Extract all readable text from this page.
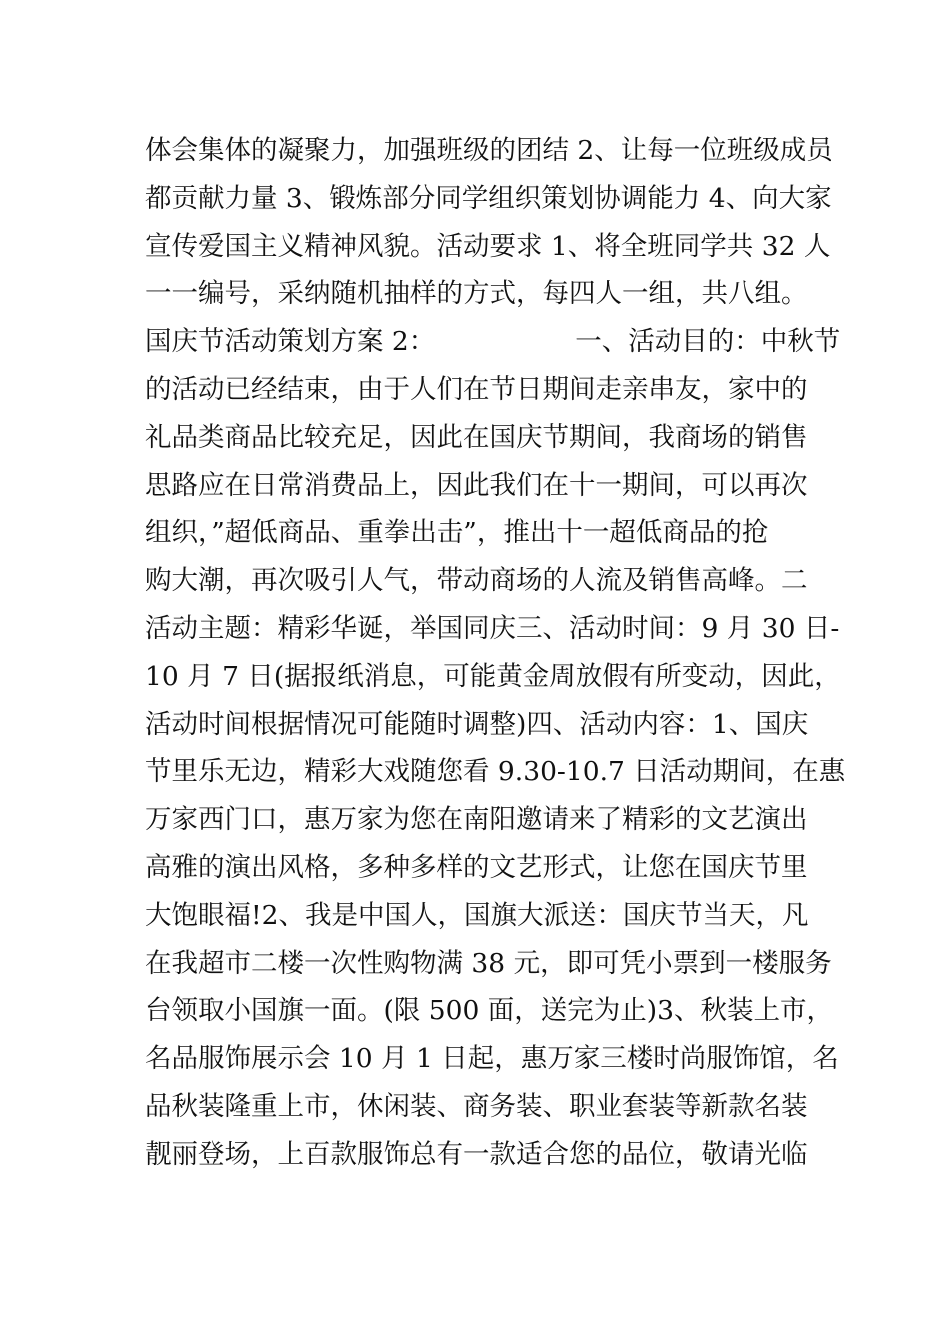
体会集体的凝聚力，加强班级的团结 2、让每一位班级成员
都贡献力量 3、锻炼部分同学组织策划协调能力 4、向大家
宣传爱国主义精神风貌。活动要求 1、将全班同学共 32 人
一一编号，采纳随机抽样的方式，每四人一组，共八组。
国庆节活动策划方案 2：	一、活动目的：中秋节
的活动已经结束，由于人们在节日期间走亲串友，家中的
礼品类商品比较充足，因此在国庆节期间，我商场的销售
思路应在日常消费品上，因此我们在十一期间，可以再次
组织，”超低商品、重拳出击”，推出十一超低商品的抢
购大潮，再次吸引人气，带动商场的人流及销售高峰。二
活动主题：精彩华诞，举国同庆三、活动时间：9 月 30 日-
10 月 7 日(据报纸消息，可能黄金周放假有所变动，因此，
活动时间根据情况可能随时调整)四、活动内容：1、国庆
节里乐无边，精彩大戏随您看 9.30-10.7 日活动期间，在惠
万家西门口，惠万家为您在南阳邀请来了精彩的文艺演出
高雅的演出风格，多种多样的文艺形式，让您在国庆节里
大饱眼福!2、我是中国人，国旗大派送：国庆节当天，凡
在我超市二楼一次性购物满 38 元，即可凭小票到一楼服务
台领取小国旗一面。(限 500 面，送完为止)3、秋装上市，
名品服饰展示会 10 月 1 日起，惠万家三楼时尚服饰馆，名
品秋装隆重上市，休闲装、商务装、职业套装等新款名装
靓丽登场，上百款服饰总有一款适合您的品位，敬请光临
